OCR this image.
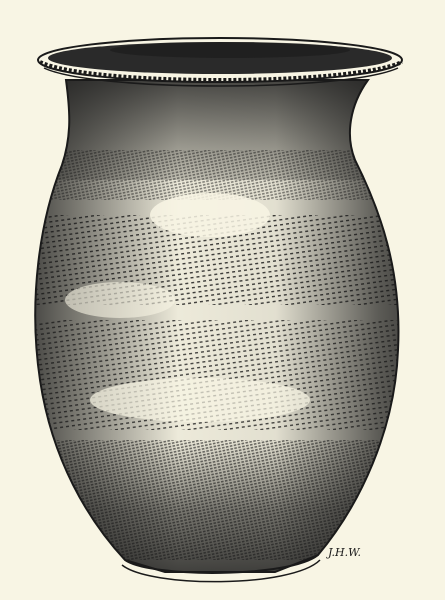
J.H.W.
